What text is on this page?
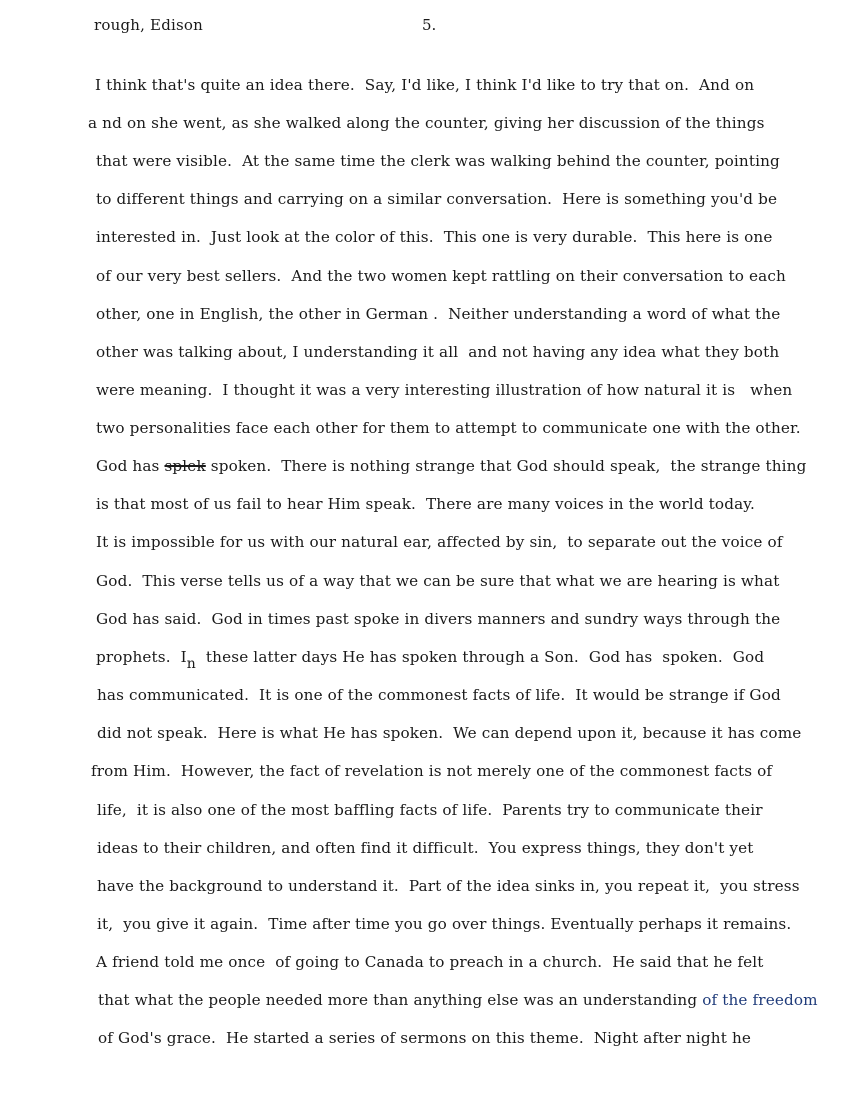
rough, Edison	5.
I think that's quite an idea there.  Say, I'd like, I think I'd like to try that on.  And on
a nd on she went, as she walked along the counter, giving her discussion of the things
that were visible.  At the same time the clerk was walking behind the counter, pointing
to different things and carrying on a similar conversation.  Here is something you'd be
interested in.  Just look at the color of this.  This one is very durable.  This here is one
of our very best sellers.  And the two women kept rattling on their conversation to each
other, one in English, the other in German .  Neither understanding a word of what the
other was talking about, I understanding it all  and not having any idea what they both
were meaning.  I thought it was a very interesting illustration of how natural it is   when
two personalities face each other for them to attempt to communicate one with the other.
God has splek spoken.  There is nothing strange that God should speak,  the strange thing
is that most of us fail to hear Him speak.  There are many voices in the world today.
It is impossible for us with our natural ear, affected by sin,  to separate out the voice of
God.  This verse tells us of a way that we can be sure that what we are hearing is what
God has said.  God in times past spoke in divers manners and sundry ways through the
prophets.  In  these latter days He has spoken through a Son.  God has  spoken.  God
has communicated.  It is one of the commonest facts of life.  It would be strange if God
did not speak.  Here is what He has spoken.  We can depend upon it, because it has come
from Him.  However, the fact of revelation is not merely one of the commonest facts of
life,  it is also one of the most baffling facts of life.  Parents try to communicate their
ideas to their children, and often find it difficult.  You express things, they don't yet
have the background to understand it.  Part of the idea sinks in, you repeat it,  you stress
it,  you give it again.  Time after time you go over things. Eventually perhaps it remains.
A friend told me once  of going to Canada to preach in a church.  He said that he felt
that what the people needed more than anything else was an understanding of the freedom
of God's grace.  He started a series of sermons on this theme.  Night after night he
